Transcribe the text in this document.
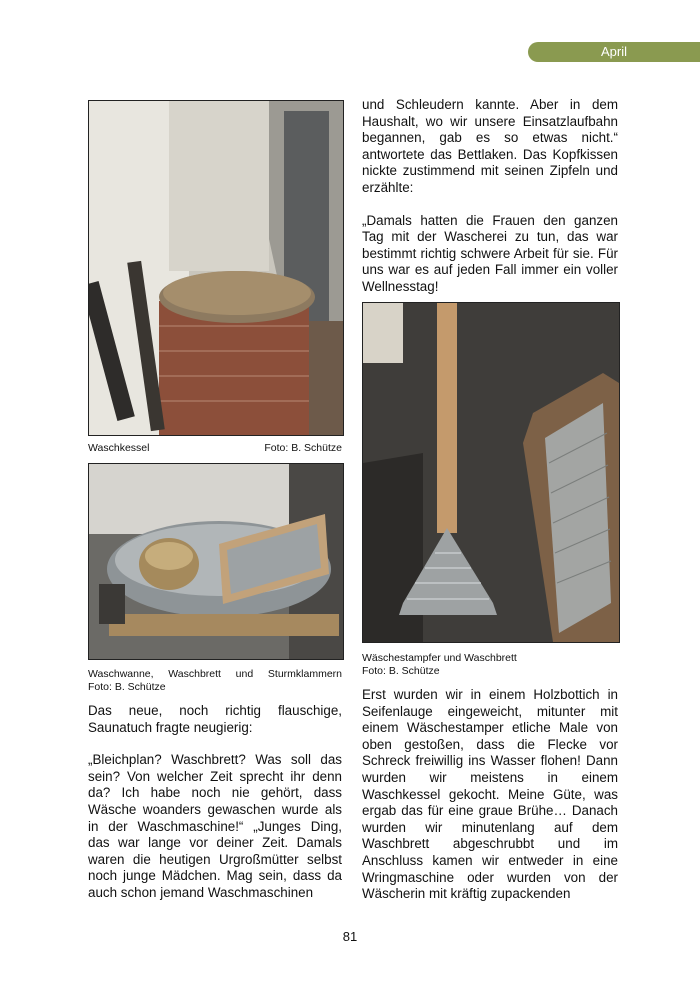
April
Waschkessel	Foto: B. Schütze
Waschwanne, Waschbrett und Sturmklammern
Foto: B. Schütze
Wäschestampfer und Waschbrett
Foto: B. Schütze

Das neue, noch richtig flauschige, Saunatuch fragte neugierig:

„Bleichplan? Waschbrett? Was soll das sein? Von welcher Zeit sprecht ihr denn da? Ich habe noch nie gehört, dass Wäsche woanders gewaschen wurde als in der Waschmaschine!“ „Junges Ding, das war lange vor deiner Zeit. Damals waren die heutigen Urgroßmütter selbst noch junge Mädchen. Mag sein, dass da auch schon jemand Waschmaschinen

und Schleudern kannte. Aber in dem Haushalt, wo wir unsere Einsatzlaufbahn begannen, gab es so etwas nicht.“ antwortete das Bettlaken. Das Kopfkissen nickte zustimmend mit seinen Zipfeln und erzählte:

„Damals hatten die Frauen den ganzen Tag mit der Wascherei zu tun, das war bestimmt richtig schwere Arbeit für sie. Für uns war es auf jeden Fall immer ein voller Wellnesstag!

Erst wurden wir in einem Holzbottich in Seifenlauge eingeweicht, mitunter mit einem Wäschestamper etliche Male von oben gestoßen, dass die Flecke vor Schreck freiwillig ins Wasser flohen! Dann wurden wir meistens in einem Waschkessel gekocht. Meine Güte, was ergab das für eine graue Brühe… Danach wurden wir minutenlang auf dem Waschbrett abgeschrubbt und im Anschluss kamen wir entweder in eine Wringmaschine oder wurden von der Wäscherin mit kräftig zupackenden

81
